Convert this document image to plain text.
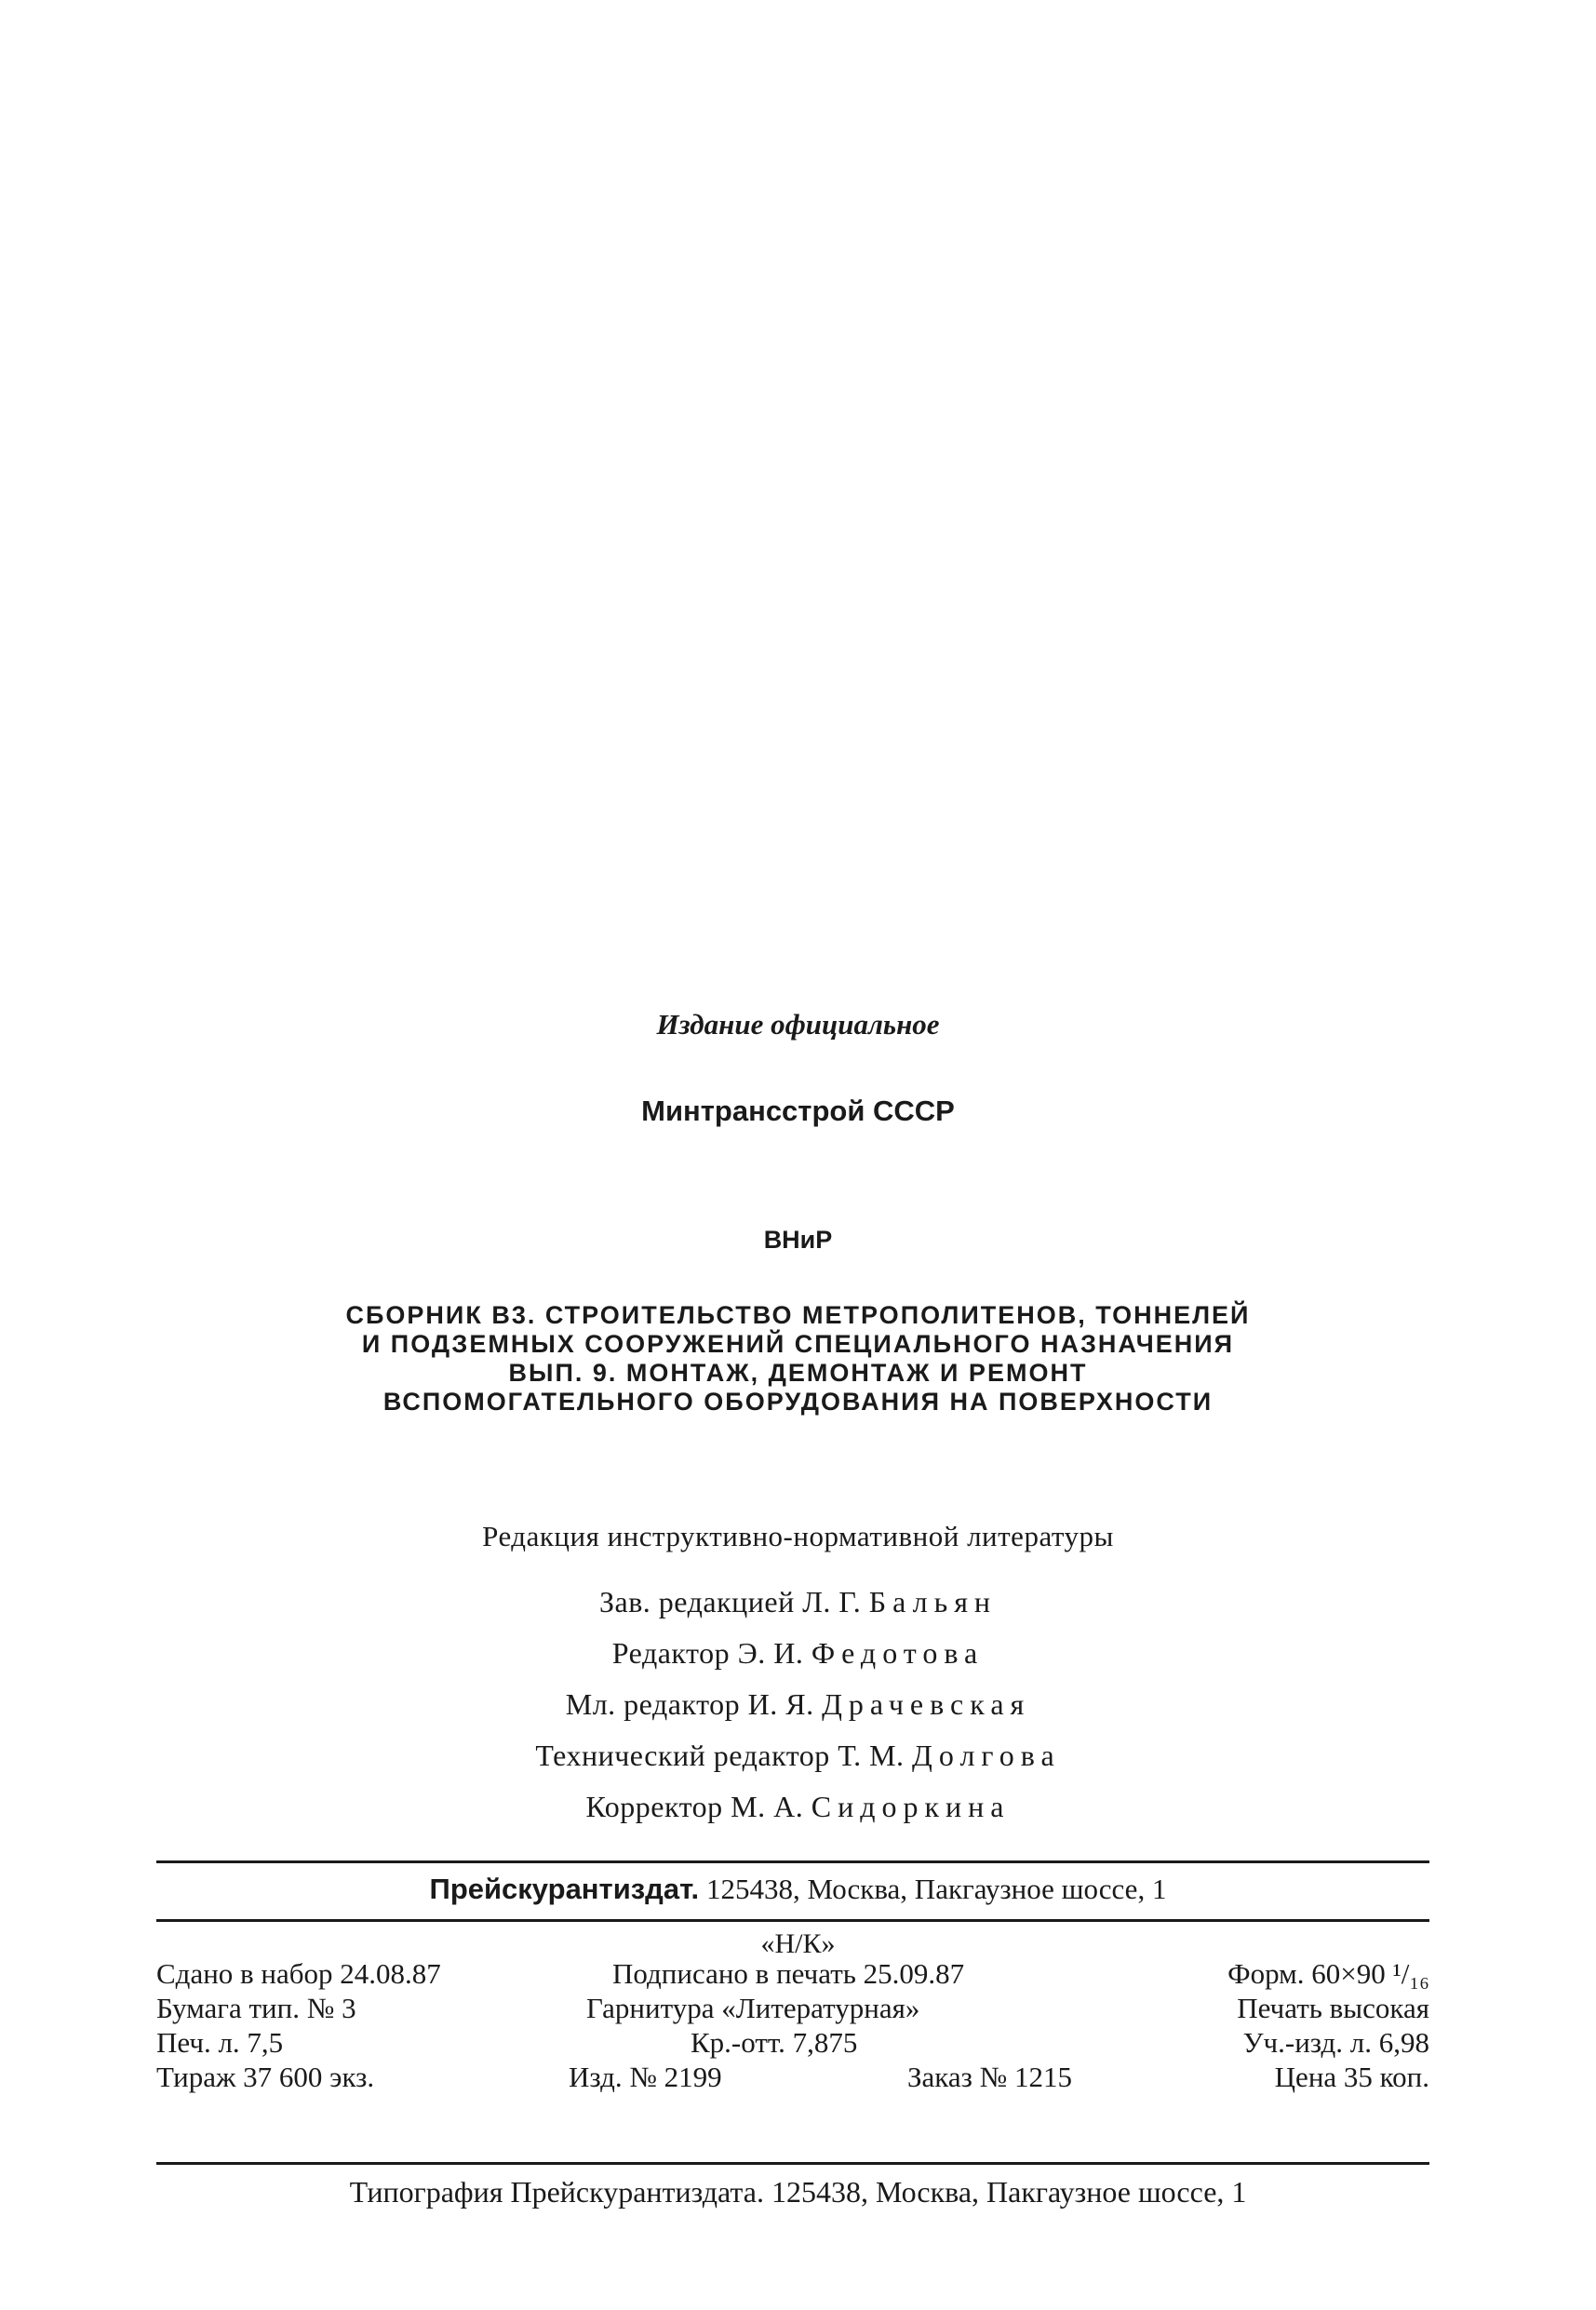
Издание официальное
Минтрансстрой СССР
ВНиР
СБОРНИК В3. СТРОИТЕЛЬСТВО МЕТРОПОЛИТЕНОВ, ТОННЕЛЕЙ
И ПОДЗЕМНЫХ СООРУЖЕНИЙ СПЕЦИАЛЬНОГО НАЗНАЧЕНИЯ
ВЫП. 9. МОНТАЖ, ДЕМОНТАЖ И РЕМОНТ
ВСПОМОГАТЕЛЬНОГО ОБОРУДОВАНИЯ НА ПОВЕРХНОСТИ
Редакция инструктивно-нормативной литературы
Зав. редакцией Л. Г. Бальян
Редактор Э. И. Федотова
Мл. редактор И. Я. Драчевская
Технический редактор Т. М. Долгова
Корректор М. А. Сидоркина
Прейскурантиздат. 125438, Москва, Пакгаузное шоссе, 1
«Н/К»
Сдано в набор 24.08.87	Подписано в печать 25.09.87	Форм. 60×90 ¹/₁₆
Бумага тип. № 3	Гарнитура «Литературная»	Печать высокая
Печ. л. 7,5	Кр.-отт. 7,875	Уч.-изд. л. 6,98
Тираж 37 600 экз.	Изд. № 2199	Заказ № 1215	Цена 35 коп.
Типография Прейскурантиздата. 125438, Москва, Пакгаузное шоссе, 1
